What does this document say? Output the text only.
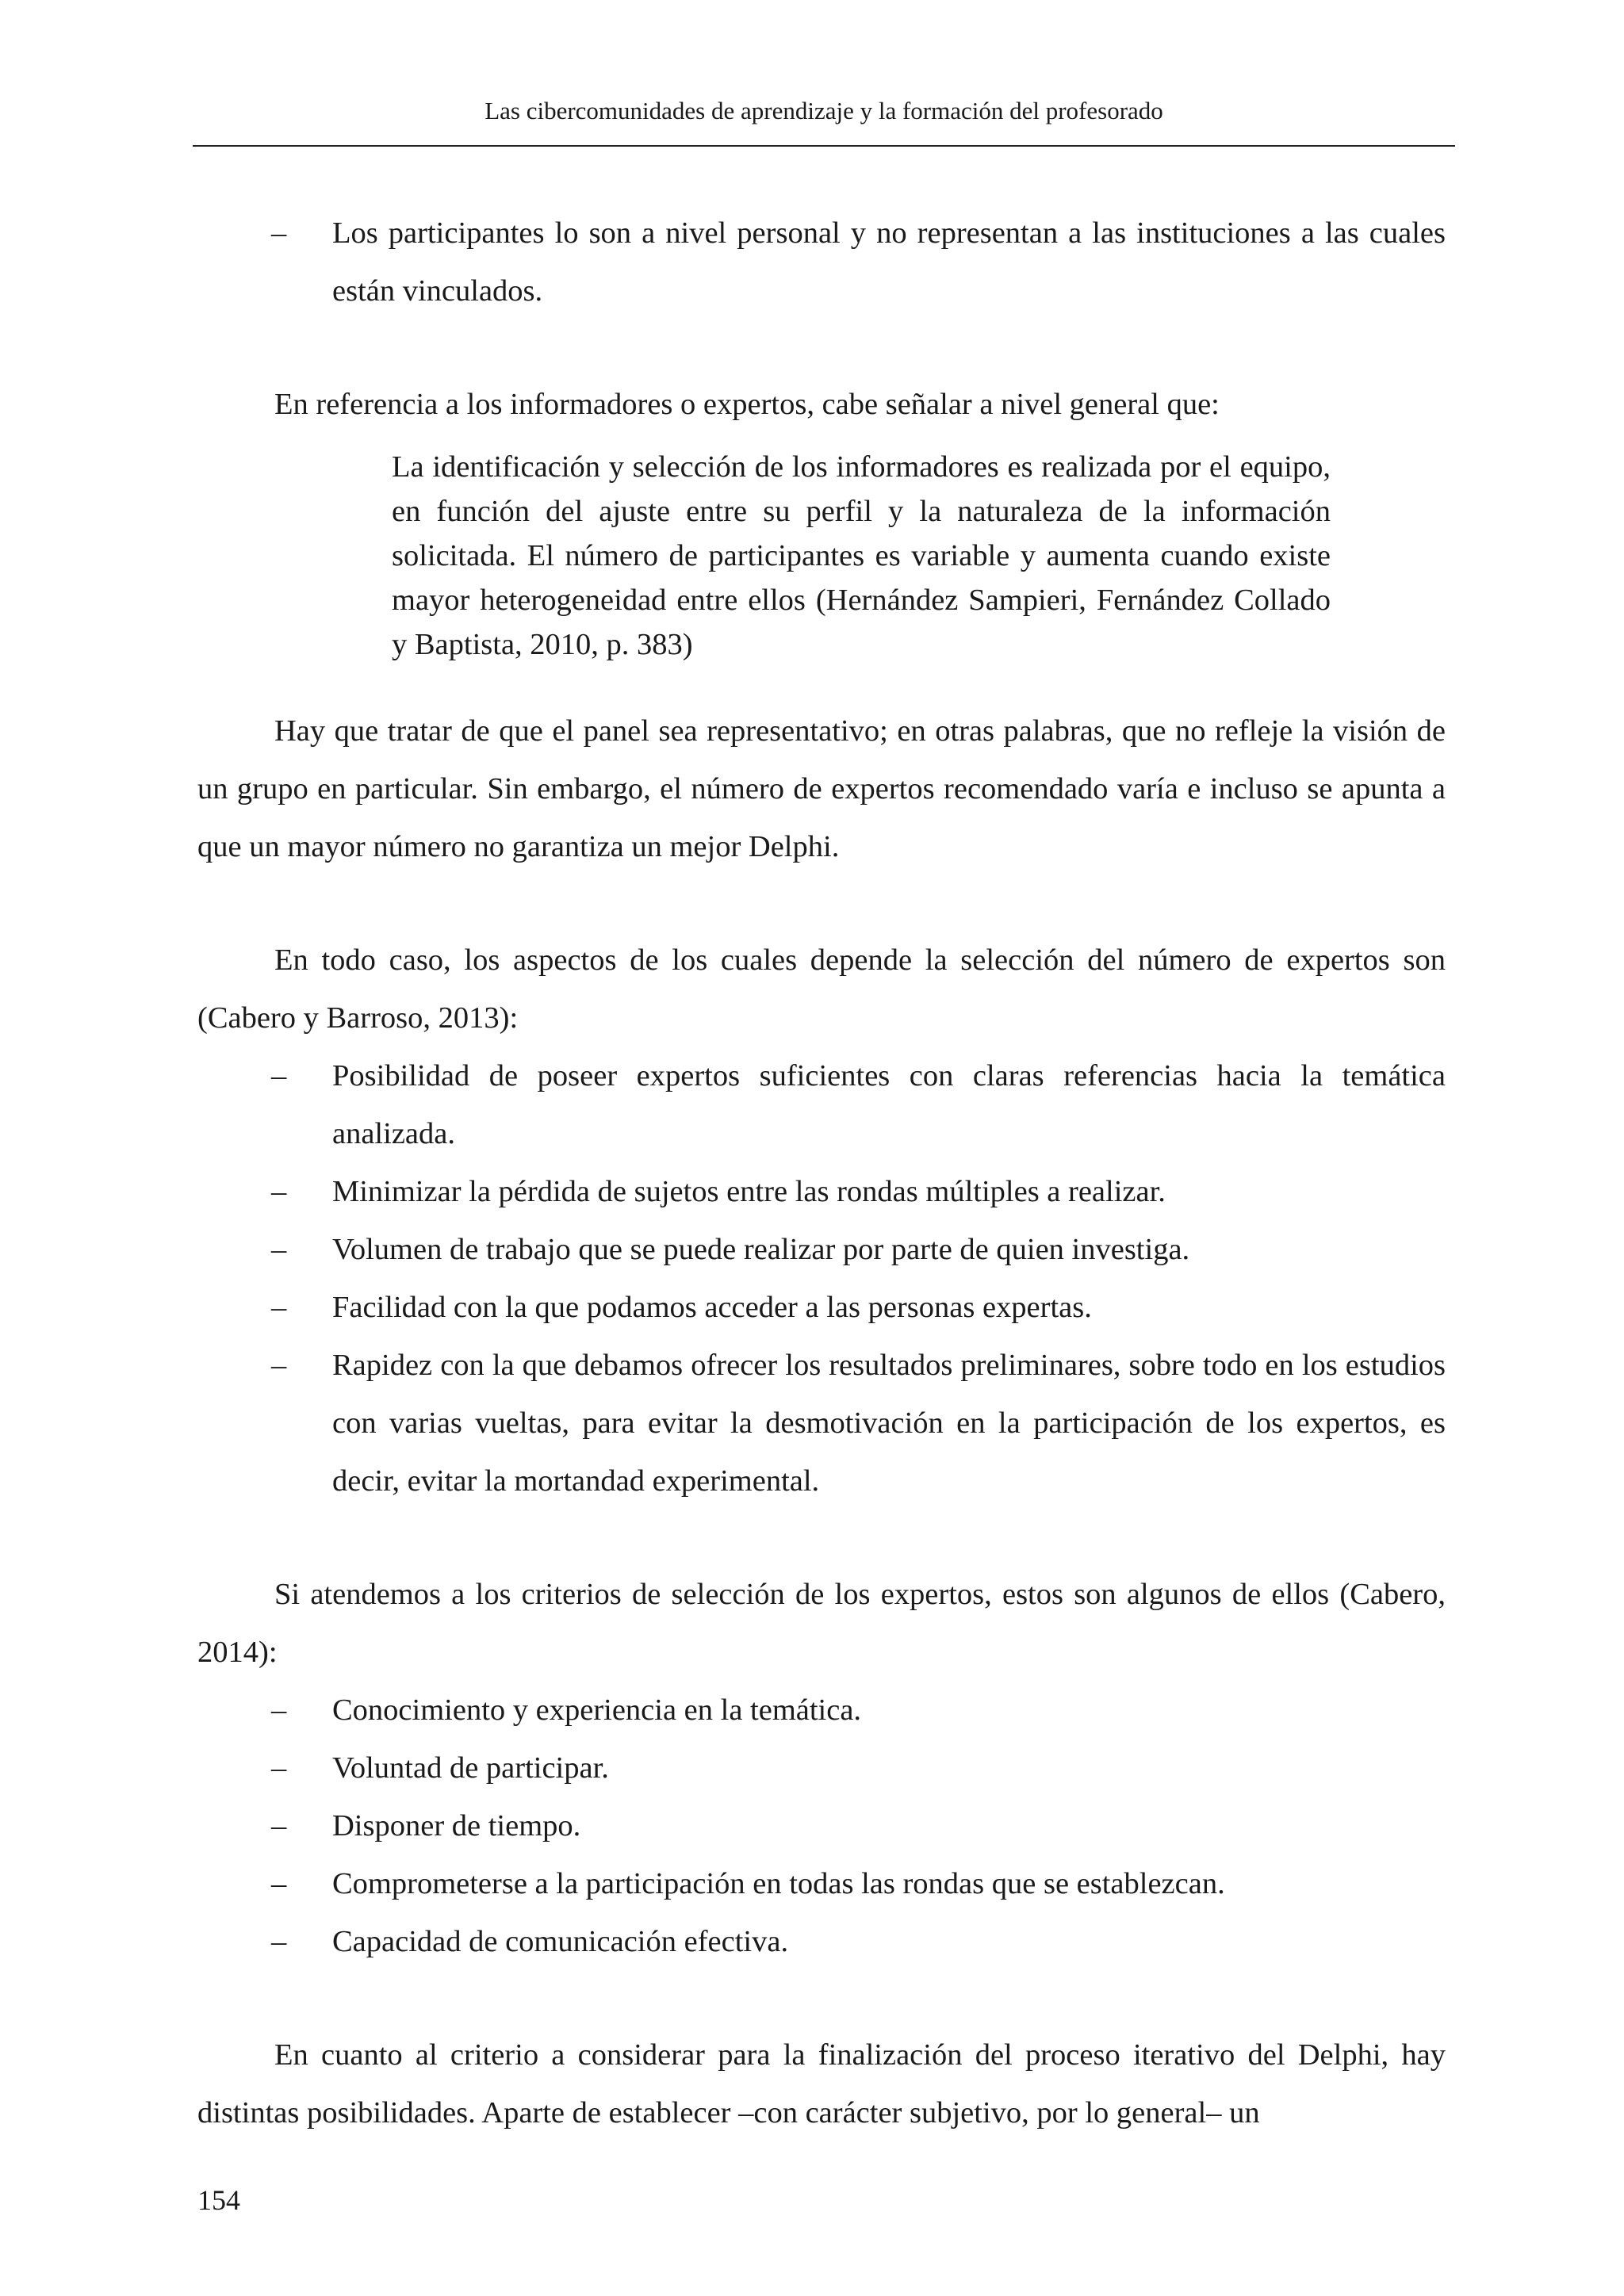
Las cibercomunidades de aprendizaje y la formación del profesorado
– Los participantes lo son a nivel personal y no representan a las instituciones a las cuales están vinculados.

En referencia a los informadores o expertos, cabe señalar a nivel general que:

La identificación y selección de los informadores es realizada por el equipo, en función del ajuste entre su perfil y la naturaleza de la información solicitada. El número de participantes es variable y aumenta cuando existe mayor heterogeneidad entre ellos (Hernández Sampieri, Fernández Collado y Baptista, 2010, p. 383)

Hay que tratar de que el panel sea representativo; en otras palabras, que no refleje la visión de un grupo en particular. Sin embargo, el número de expertos recomendado varía e incluso se apunta a que un mayor número no garantiza un mejor Delphi.

En todo caso, los aspectos de los cuales depende la selección del número de expertos son (Cabero y Barroso, 2013):

– Posibilidad de poseer expertos suficientes con claras referencias hacia la temática analizada.
– Minimizar la pérdida de sujetos entre las rondas múltiples a realizar.
– Volumen de trabajo que se puede realizar por parte de quien investiga.
– Facilidad con la que podamos acceder a las personas expertas.
– Rapidez con la que debamos ofrecer los resultados preliminares, sobre todo en los estudios con varias vueltas, para evitar la desmotivación en la participación de los expertos, es decir, evitar la mortandad experimental.

Si atendemos a los criterios de selección de los expertos, estos son algunos de ellos (Cabero, 2014):

– Conocimiento y experiencia en la temática.
– Voluntad de participar.
– Disponer de tiempo.
– Comprometerse a la participación en todas las rondas que se establezcan.
– Capacidad de comunicación efectiva.

En cuanto al criterio a considerar para la finalización del proceso iterativo del Delphi, hay distintas posibilidades. Aparte de establecer –con carácter subjetivo, por lo general– un

154
